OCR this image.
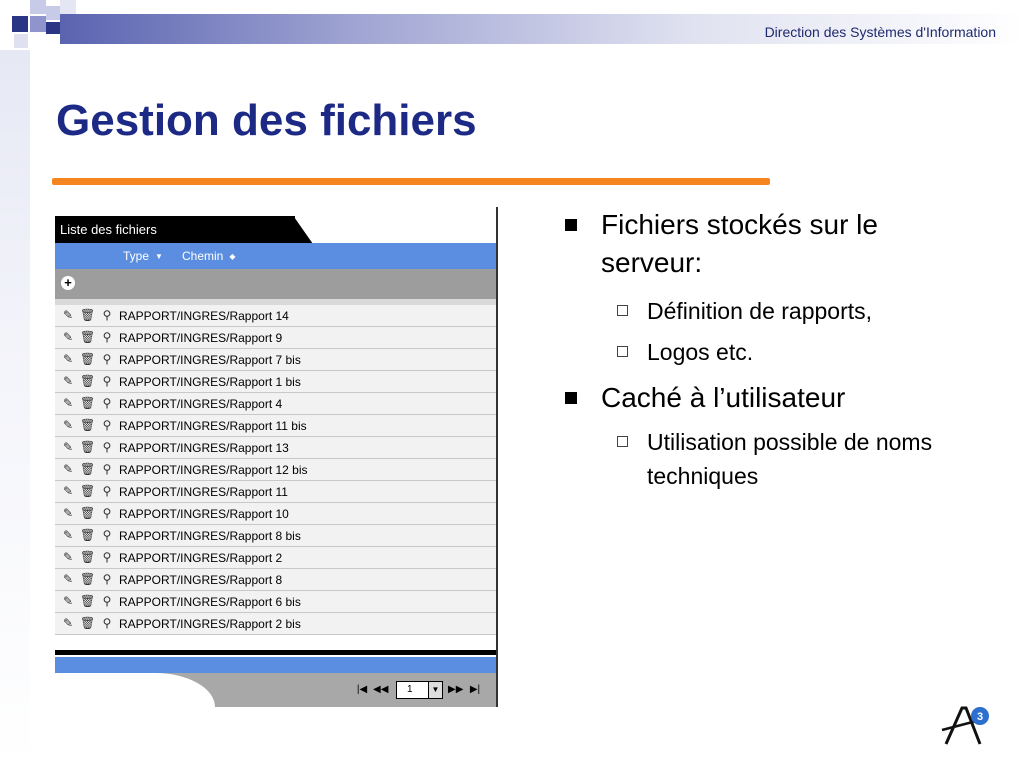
Direction des Systèmes d'Information
Gestion des fichiers
Liste des fichiers
Type ▼ Chemin ◆
+
✎ 🗑 ⚲ RAPPORT/INGRES/Rapport 14
✎ 🗑 ⚲ RAPPORT/INGRES/Rapport 9
✎ 🗑 ⚲ RAPPORT/INGRES/Rapport 7 bis
✎ 🗑 ⚲ RAPPORT/INGRES/Rapport 1 bis
✎ 🗑 ⚲ RAPPORT/INGRES/Rapport 4
✎ 🗑 ⚲ RAPPORT/INGRES/Rapport 11 bis
✎ 🗑 ⚲ RAPPORT/INGRES/Rapport 13
✎ 🗑 ⚲ RAPPORT/INGRES/Rapport 12 bis
✎ 🗑 ⚲ RAPPORT/INGRES/Rapport 11
✎ 🗑 ⚲ RAPPORT/INGRES/Rapport 10
✎ 🗑 ⚲ RAPPORT/INGRES/Rapport 8 bis
✎ 🗑 ⚲ RAPPORT/INGRES/Rapport 2
✎ 🗑 ⚲ RAPPORT/INGRES/Rapport 8
✎ 🗑 ⚲ RAPPORT/INGRES/Rapport 6 bis
✎ 🗑 ⚲ RAPPORT/INGRES/Rapport 2 bis
|◀ ◀◀ 1	▼ ▶▶ ▶|
Fichiers stockés sur le serveur:
Définition de rapports,
Logos etc.
Caché à l’utilisateur
Utilisation possible de noms techniques
3
